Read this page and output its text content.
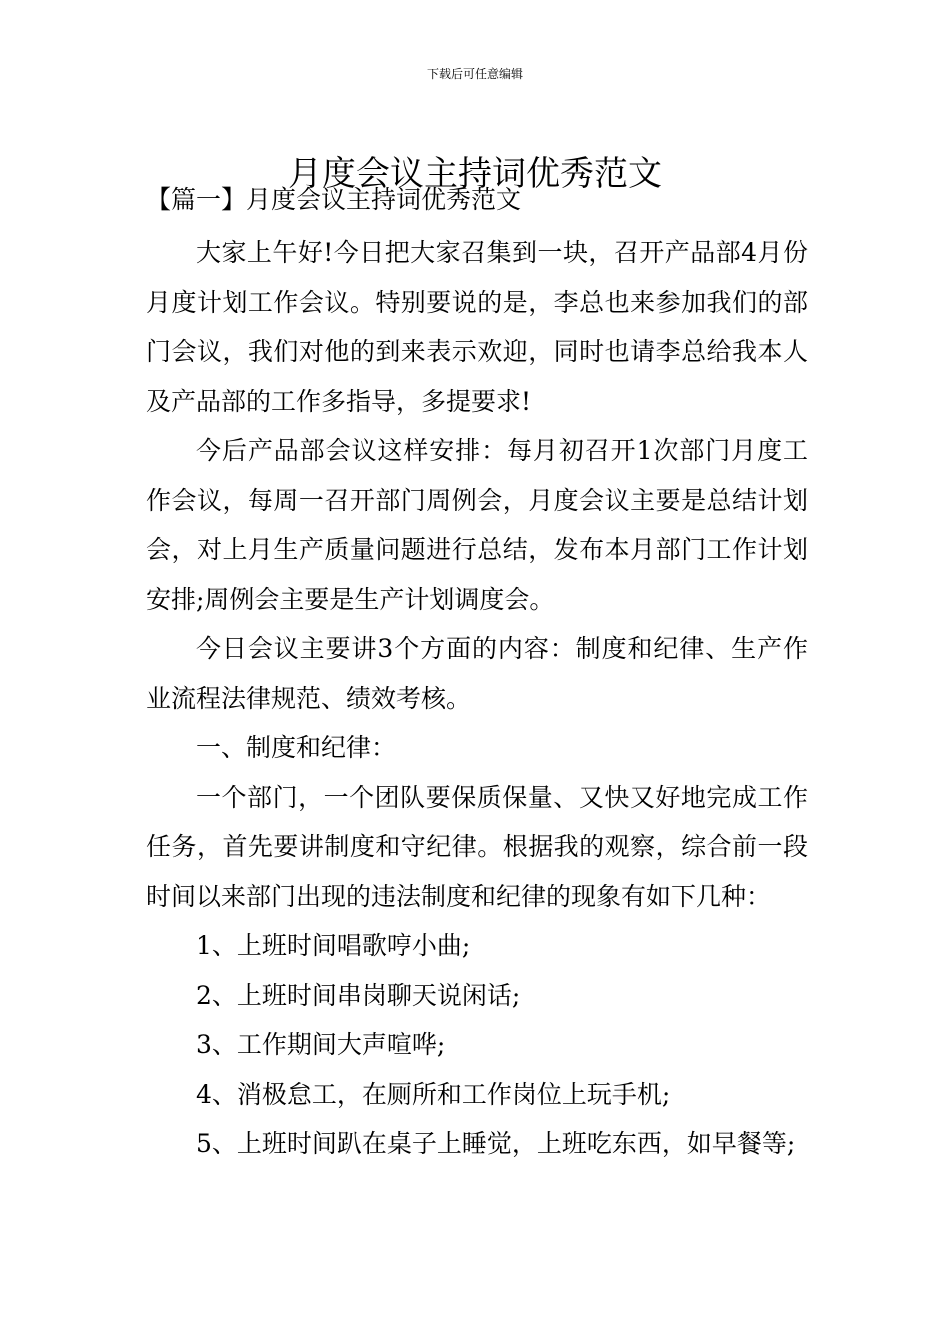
下载后可任意编辑
月度会议主持词优秀范文
【篇一】月度会议主持词优秀范文

大家上午好!今日把大家召集到一块，召开产品部4月份月度计划工作会议。特别要说的是，李总也来参加我们的部门会议，我们对他的到来表示欢迎，同时也请李总给我本人及产品部的工作多指导，多提要求!

今后产品部会议这样安排：每月初召开1次部门月度工作会议，每周一召开部门周例会，月度会议主要是总结计划会，对上月生产质量问题进行总结，发布本月部门工作计划安排;周例会主要是生产计划调度会。

今日会议主要讲3个方面的内容：制度和纪律、生产作业流程法律规范、绩效考核。

一、制度和纪律：

一个部门，一个团队要保质保量、又快又好地完成工作任务，首先要讲制度和守纪律。根据我的观察，综合前一段时间以来部门出现的违法制度和纪律的现象有如下几种：

1、上班时间唱歌哼小曲;

2、上班时间串岗聊天说闲话;

3、工作期间大声喧哗;

4、消极怠工，在厕所和工作岗位上玩手机;

5、上班时间趴在桌子上睡觉，上班吃东西，如早餐等;
